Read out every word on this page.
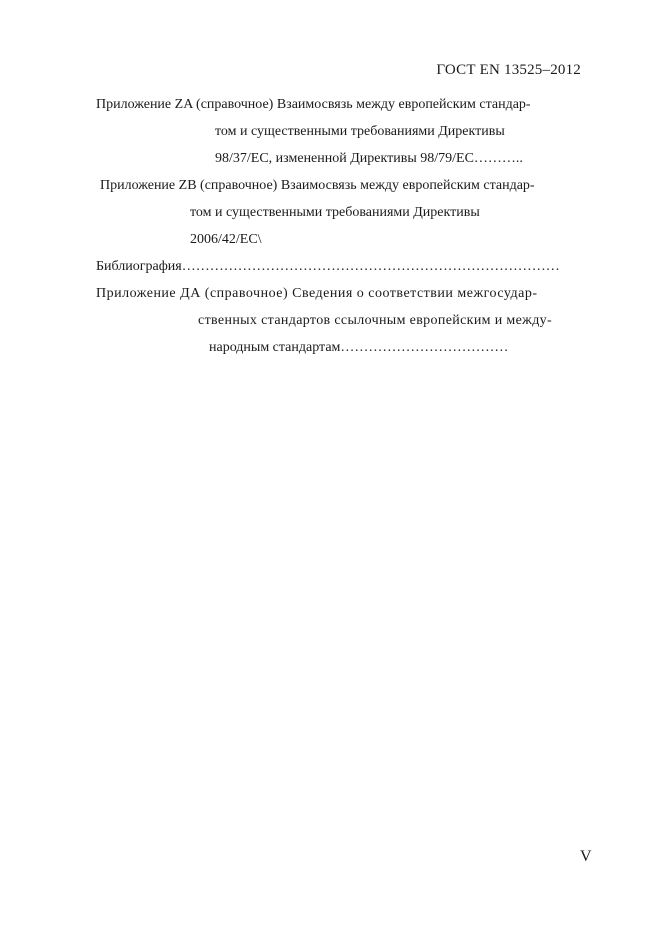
ГОСТ EN 13525–2012
Приложение ZA (справочное) Взаимосвязь между европейским стандар-
том и существенными требованиями Директивы
98/37/EC, измененной Директивы 98/79/EC………..
Приложение ZB (справочное) Взаимосвязь между европейским стандар-
том и существенными требованиями Директивы
2006/42/EC\
Библиография………………………………………………………………………
Приложение ДА (справочное) Сведения о соответствии межгосудар-
ственных стандартов ссылочным европейским и между-
народным стандартам………………………………
V
